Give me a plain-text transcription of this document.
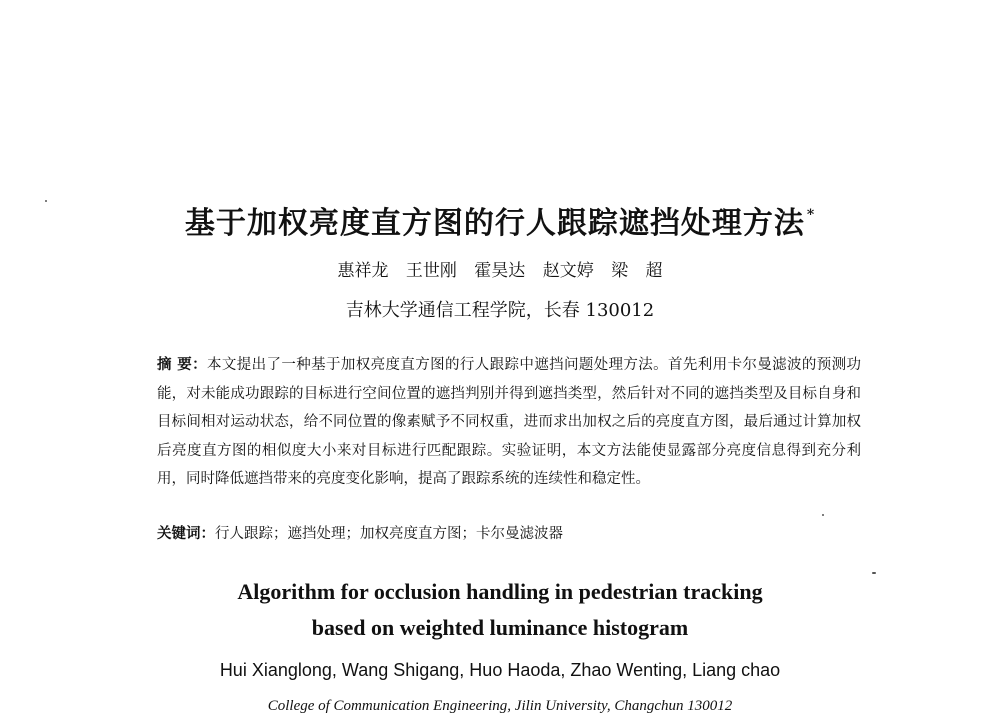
基于加权亮度直方图的行人跟踪遮挡处理方法 *
惠祥龙 王世刚 霍昊达 赵文婷 梁 超
吉林大学通信工程学院，长春 130012
摘 要：本文提出了一种基于加权亮度直方图的行人跟踪中遮挡问题处理方法。首先利用卡尔曼滤波的预测功能，对未能成功跟踪的目标进行空间位置的遮挡判别并得到遮挡类型，然后针对不同的遮挡类型及目标自身和目标间相对运动状态，给不同位置的像素赋予不同权重，进而求出加权之后的亮度直方图，最后通过计算加权后亮度直方图的相似度大小来对目标进行匹配跟踪。实验证明，本文方法能使显露部分亮度信息得到充分利用，同时降低遮挡带来的亮度变化影响，提高了跟踪系统的连续性和稳定性。
关键词：行人跟踪；遮挡处理；加权亮度直方图；卡尔曼滤波器
Algorithm for occlusion handling in pedestrian tracking
based on weighted luminance histogram
Hui Xianglong, Wang Shigang, Huo Haoda, Zhao Wenting, Liang chao
College of Communication Engineering, Jilin University, Changchun 130012
